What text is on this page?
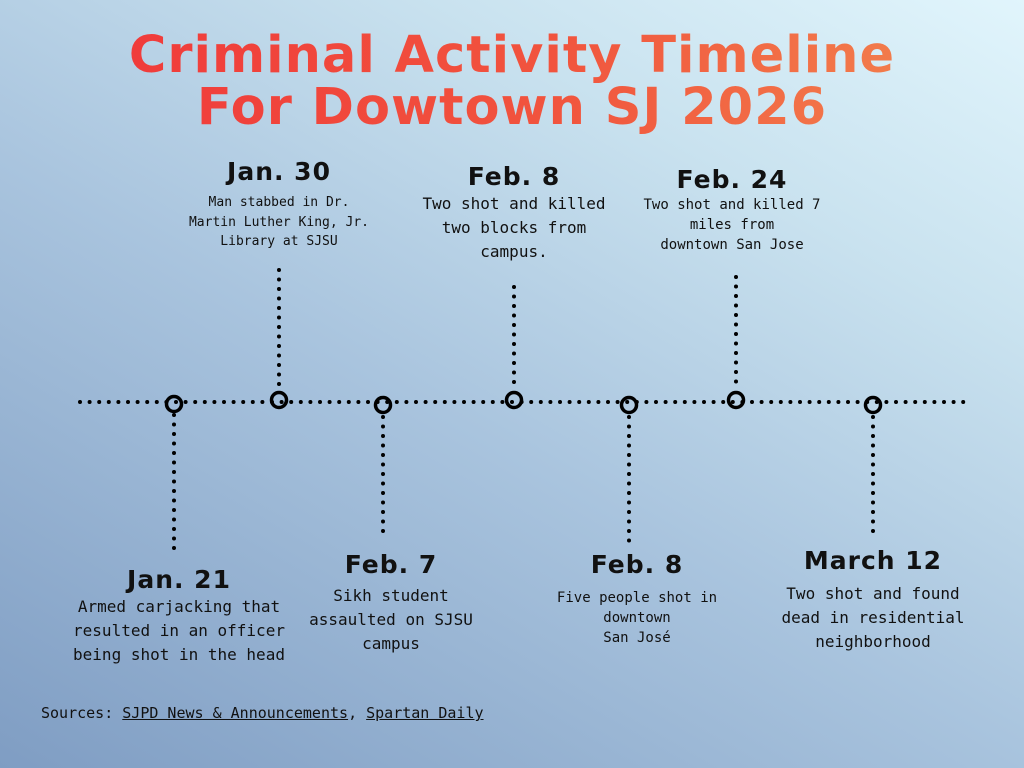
Criminal Activity Timeline
For Dowtown SJ 2026
Jan. 21
Armed carjacking that
resulted in an officer
being shot in the head
Jan. 30
Man stabbed in Dr.
Martin Luther King, Jr.
Library at SJSU
Feb. 7
Sikh student
assaulted on SJSU
campus
Feb. 8
Two shot and killed
two blocks from
campus.
Feb. 8
Five people shot in
downtown
San José
Feb. 24
Two shot and killed 7
miles from
downtown San Jose
March 12
Two shot and found
dead in residential
neighborhood
Sources: SJPD News & Announcements, Spartan Daily
